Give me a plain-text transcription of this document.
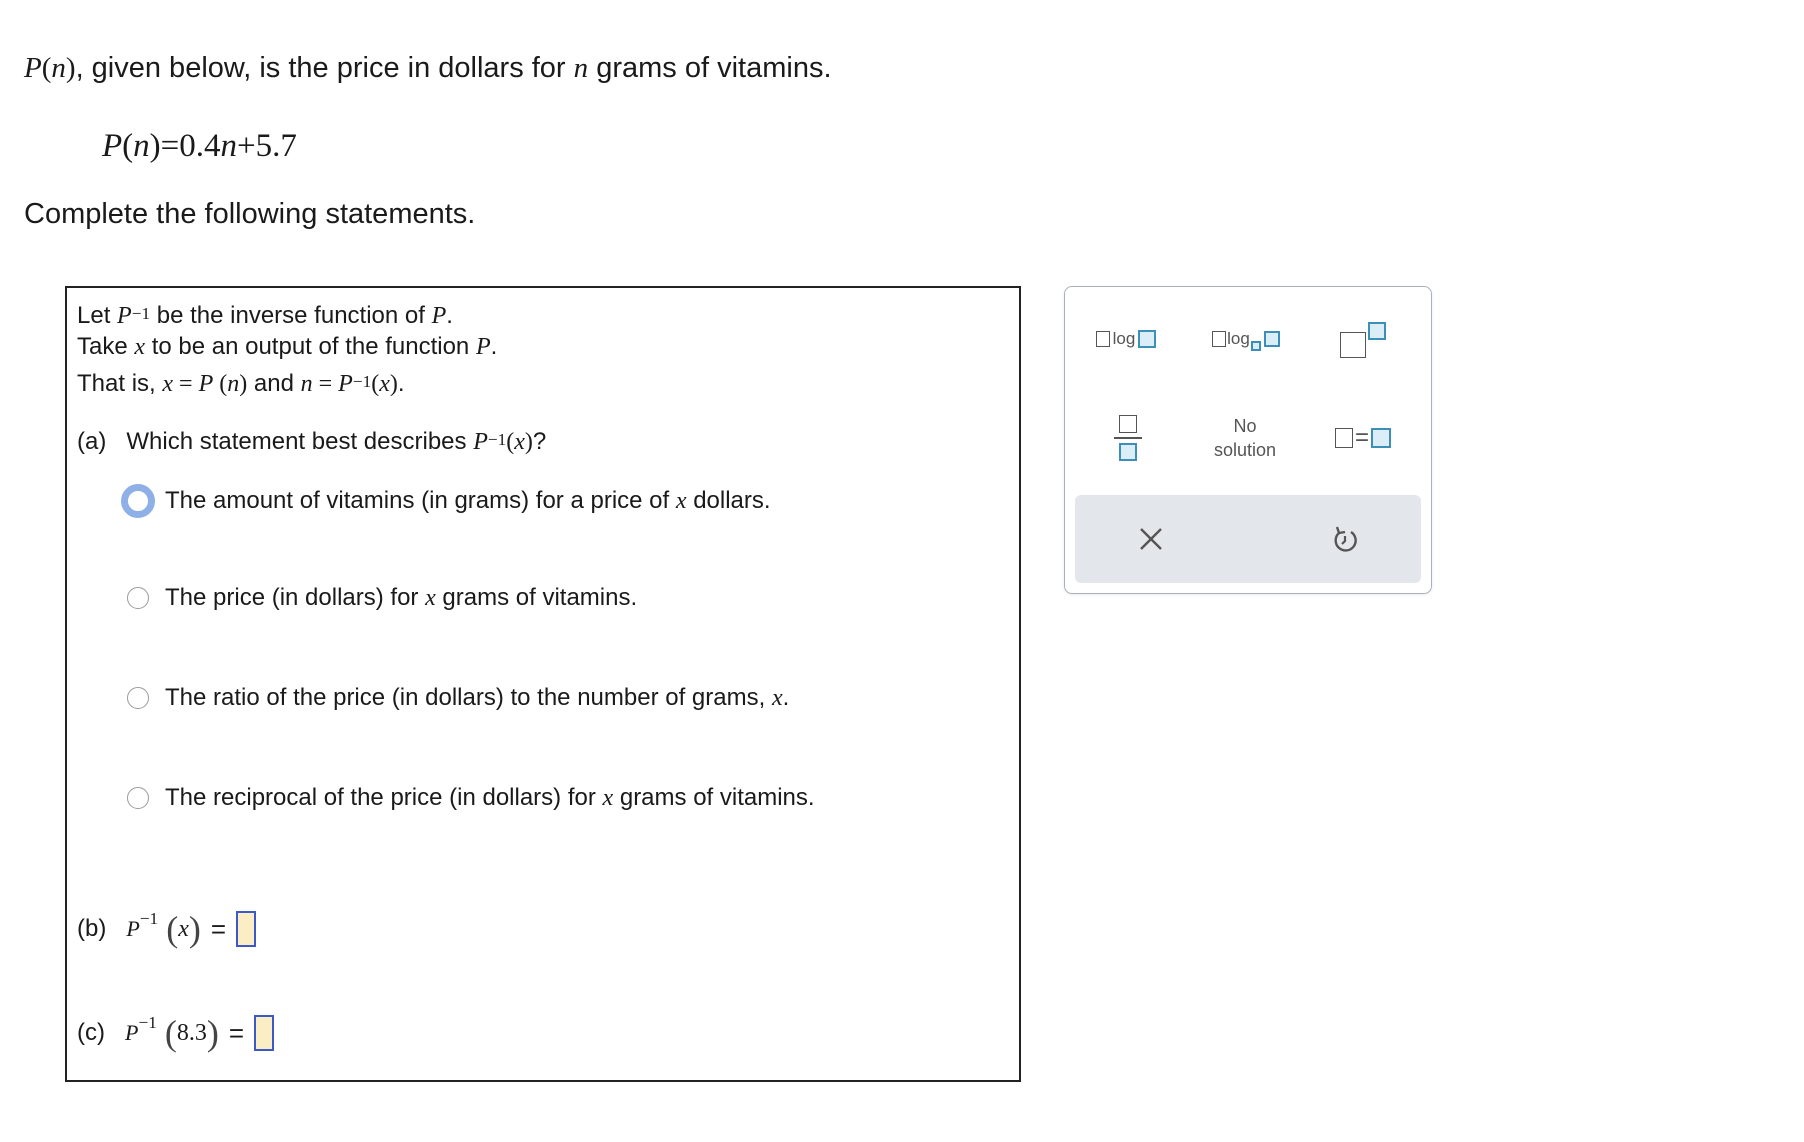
P(n), given below, is the price in dollars for n grams of vitamins.
P(n)=0.4n+5.7
Complete the following statements.
Let $P^{-1}$ be the inverse function of P.
Take x to be an output of the function P.
That is, x = P (n) and $n = P^{-1}(x)$.
(a) Which statement best describes $P^{-1}(x)$?
The amount of vitamins (in grams) for a price of
x
dollars.
The price (in dollars) for
x
grams of vitamins.
The ratio of the price (in dollars) to the number of grams,
x .
The reciprocal of the price (in dollars) for
x
grams of vitamins.
(b)
$P^{-1}$ ( x ) =
(c)
$P^{-1}$ ( 8.3 ) =
log	log
No
solution	=
